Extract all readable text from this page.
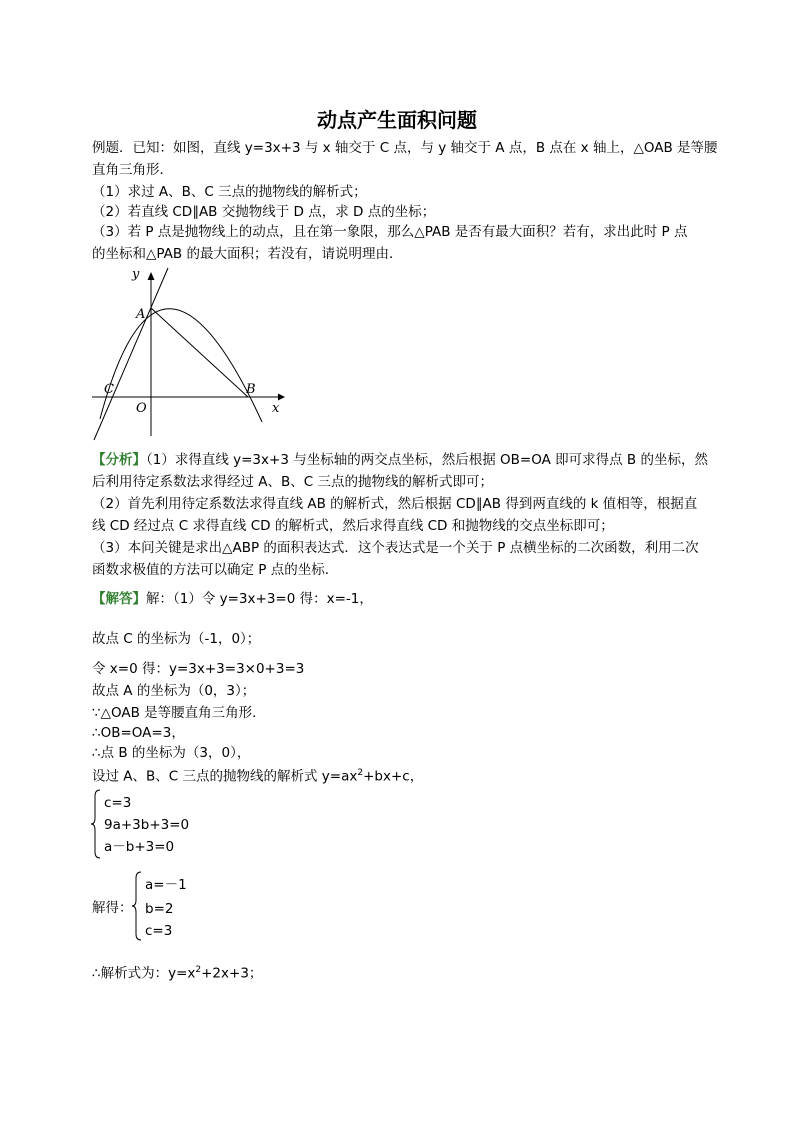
动点产生面积问题
例题．已知：如图，直线 y=3x+3 与 x 轴交于 C 点，与 y 轴交于 A 点，B 点在 x 轴上，△OAB 是等腰
直角三角形．
（1）求过 A、B、C 三点的抛物线的解析式；
（2）若直线 CD∥AB 交抛物线于 D 点，求 D 点的坐标；
（3）若 P 点是抛物线上的动点，且在第一象限，那么△PAB 是否有最大面积？若有，求出此时 P 点
的坐标和△PAB 的最大面积；若没有，请说明理由．
y
x
A
B
C
O
【分析】（1）求得直线 y=3x+3 与坐标轴的两交点坐标，然后根据 OB=OA 即可求得点 B 的坐标，然
后利用待定系数法求得经过 A、B、C 三点的抛物线的解析式即可；
（2）首先利用待定系数法求得直线 AB 的解析式，然后根据 CD∥AB 得到两直线的 k 值相等，根据直
线 CD 经过点 C 求得直线 CD 的解析式，然后求得直线 CD 和抛物线的交点坐标即可；
（3）本问关键是求出△ABP 的面积表达式．这个表达式是一个关于 P 点横坐标的二次函数，利用二次
函数求极值的方法可以确定 P 点的坐标．
【解答】解：（1）令 y=3x+3=0 得：x=-1，
故点 C 的坐标为（-1，0）；
令 x=0 得：y=3x+3=3×0+3=3
故点 A 的坐标为（0，3）；
∵△OAB 是等腰直角三角形．
∴OB=OA=3，
∴点 B 的坐标为（3，0），
设过 A、B、C 三点的抛物线的解析式 $y=ax^2+bx+c$，
c=3
9a+3b+3=0
a－b+3=0
解得：
a=－1
b=2
c=3
∴解析式为：$y=x^2+2x+3$；
